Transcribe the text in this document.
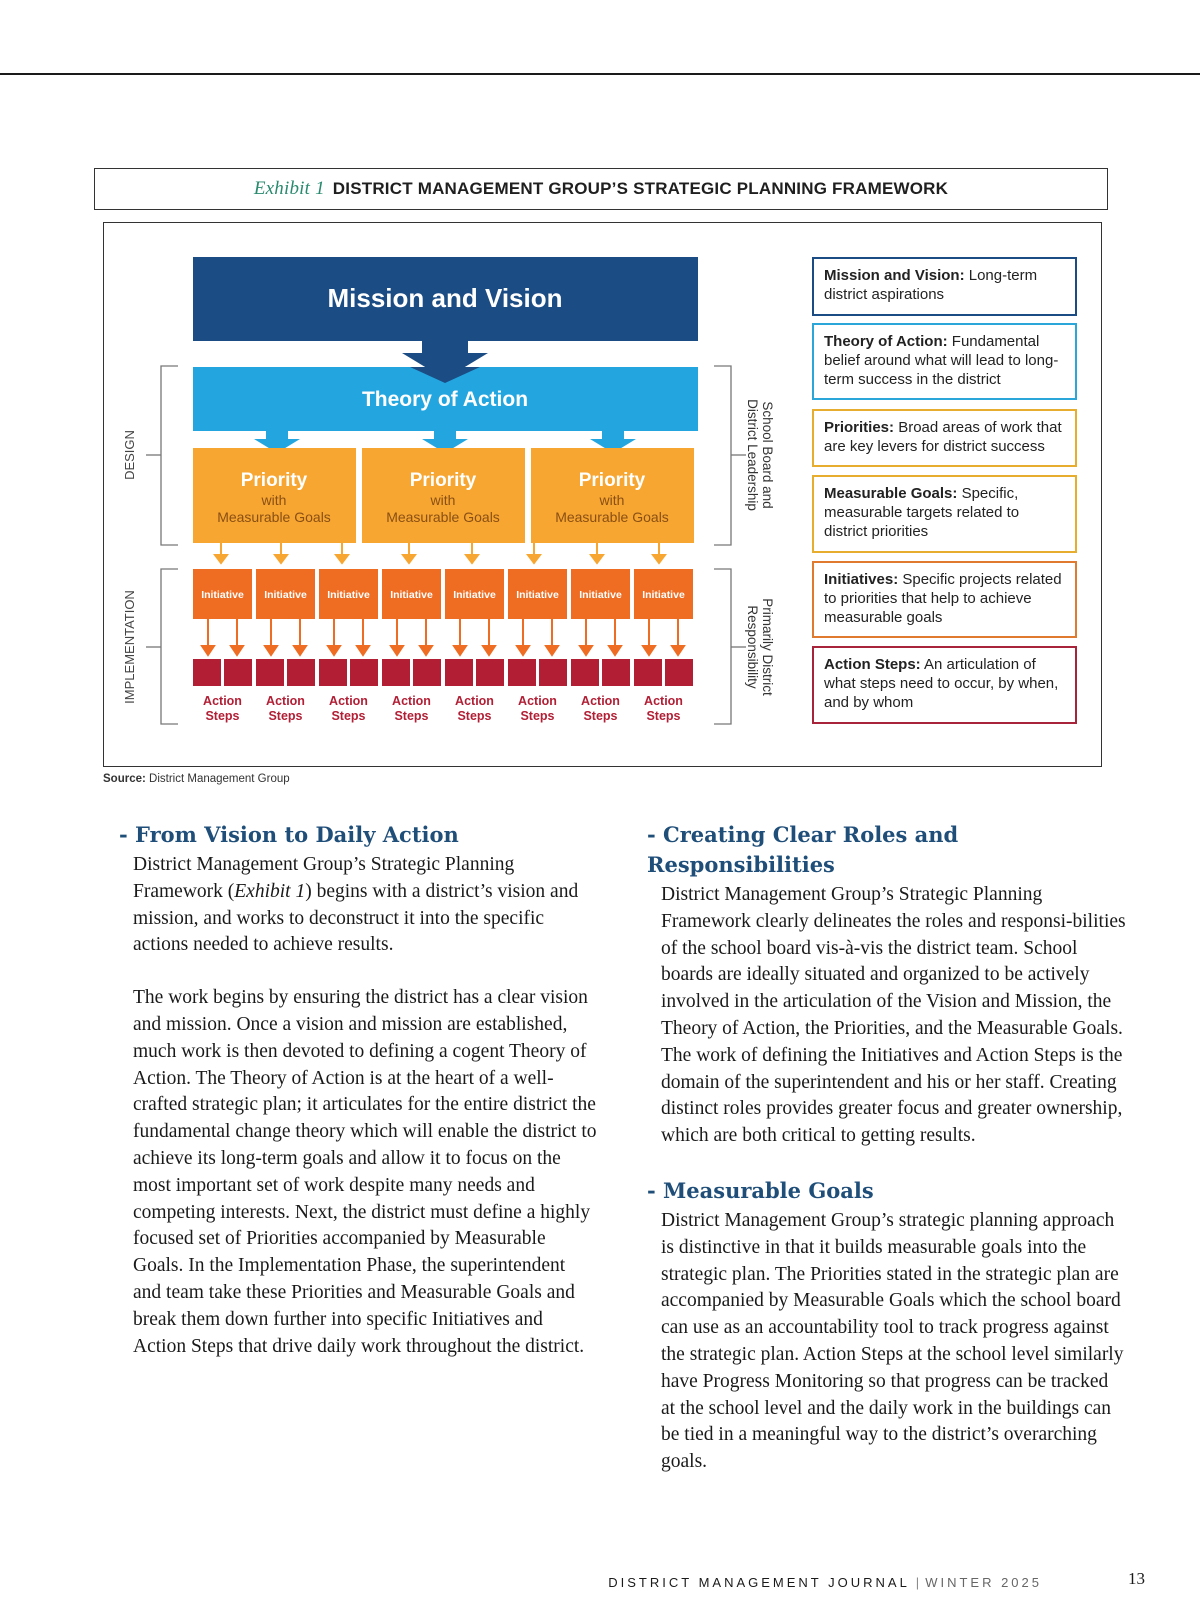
Exhibit 1 DISTRICT MANAGEMENT GROUP’S STRATEGIC PLANNING FRAMEWORK
Mission and Vision
Theory of Action
Priority
with
Measurable Goals
Priority
with
Measurable Goals
Priority
with
Measurable Goals
Initiative Initiative Initiative Initiative Initiative Initiative Initiative Initiative
Action
Steps
Action
Steps
Action
Steps
Action
Steps
Action
Steps
Action
Steps
Action
Steps
Action
Steps
DESIGN
IMPLEMENTATION
School Board and
District Leadership
Primarily District
Responsibility
Mission and Vision: Long-term district aspirations
Theory of Action: Fundamental belief around what will lead to long-term success in the district
Priorities: Broad areas of work that are key levers for district success
Measurable Goals: Specific, measurable targets related to district priorities
Initiatives: Specific projects related to priorities that help to achieve measurable goals
Action Steps: An articulation of what steps need to occur, by when, and by whom
Source: District Management Group
- From Vision to Daily Action

District Management Group’s Strategic Planning Framework (Exhibit 1) begins with a district’s vision and mission, and works to deconstruct it into the specific actions needed to achieve results.

The work begins by ensuring the district has a clear vision and mission. Once a vision and mission are established, much work is then devoted to defining a cogent Theory of Action. The Theory of Action is at the heart of a well-crafted strategic plan; it articulates for the entire district the fundamental change theory which will enable the district to achieve its long-term goals and allow it to focus on the most important set of work despite many needs and competing interests. Next, the district must define a highly focused set of Priorities accompanied by Measurable Goals. In the Implementation Phase, the superintendent and team take these Priorities and Measurable Goals and break them down further into specific Initiatives and Action Steps that drive daily work throughout the district.

- Creating Clear Roles and Responsibilities

District Management Group’s Strategic Planning Framework clearly delineates the roles and responsi-bilities of the school board vis-à-vis the district team. School boards are ideally situated and organized to be actively involved in the articulation of the Vision and Mission, the Theory of Action, the Priorities, and the Measurable Goals. The work of defining the Initiatives and Action Steps is the domain of the superintendent and his or her staff. Creating distinct roles provides greater focus and greater ownership, which are both critical to getting results.

- Measurable Goals

District Management Group’s strategic planning approach is distinctive in that it builds measurable goals into the strategic plan. The Priorities stated in the strategic plan are accompanied by Measurable Goals which the school board can use as an accountability tool to track progress against the strategic plan. Action Steps at the school level similarly have Progress Monitoring so that progress can be tracked at the school level and the daily work in the buildings can be tied in a meaningful way to the district’s overarching goals.

DISTRICT MANAGEMENT JOURNAL | WINTER 2025	13
